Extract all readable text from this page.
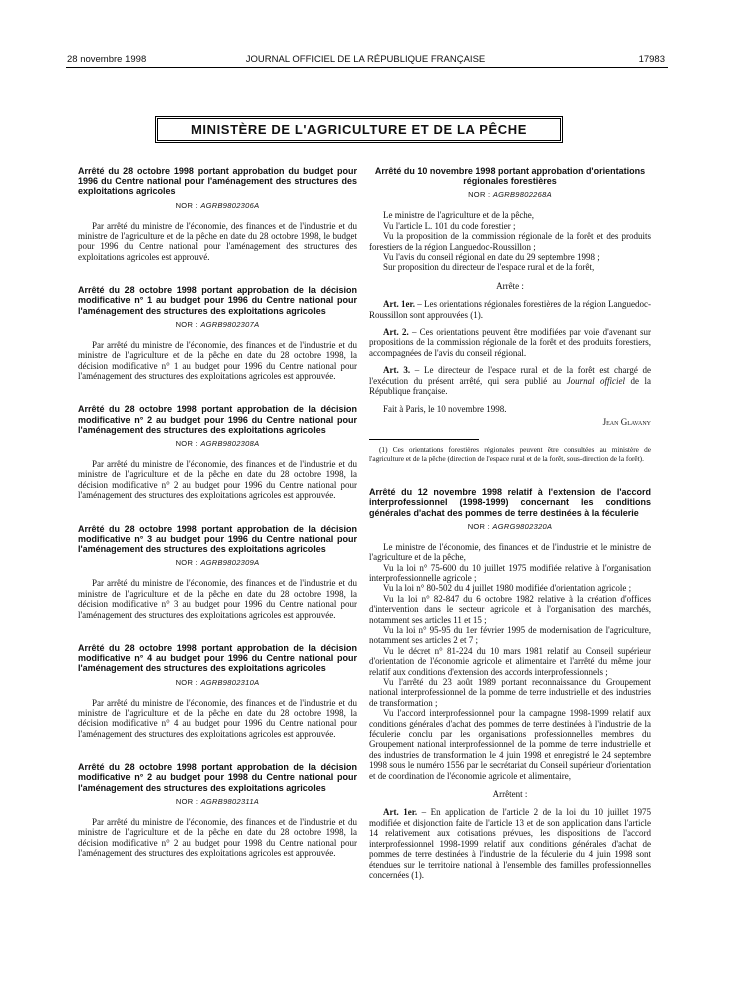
28 novembre 1998	JOURNAL OFFICIEL DE LA RÉPUBLIQUE FRANÇAISE	17983
MINISTÈRE DE L'AGRICULTURE ET DE LA PÊCHE

Arrêté du 28 octobre 1998 portant approbation du budget pour 1996 du Centre national pour l'aménagement des structures des exploitations agricoles

NOR : AGRB9802306A

Par arrêté du ministre de l'économie, des finances et de l'industrie et du ministre de l'agriculture et de la pêche en date du 28 octobre 1998, le budget pour 1996 du Centre national pour l'aménagement des structures des exploitations agricoles est approuvé.

Arrêté du 28 octobre 1998 portant approbation de la décision modificative n° 1 au budget pour 1996 du Centre national pour l'aménagement des structures des exploitations agricoles

NOR : AGRB9802307A

Par arrêté du ministre de l'économie, des finances et de l'industrie et du ministre de l'agriculture et de la pêche en date du 28 octobre 1998, la décision modificative n° 1 au budget pour 1996 du Centre national pour l'aménagement des structures des exploitations agricoles est approuvée.

Arrêté du 28 octobre 1998 portant approbation de la décision modificative n° 2 au budget pour 1996 du Centre national pour l'aménagement des structures des exploitations agricoles

NOR : AGRB9802308A

Par arrêté du ministre de l'économie, des finances et de l'industrie et du ministre de l'agriculture et de la pêche en date du 28 octobre 1998, la décision modificative n° 2 au budget pour 1996 du Centre national pour l'aménagement des structures des exploitations agricoles est approuvée.

Arrêté du 28 octobre 1998 portant approbation de la décision modificative n° 3 au budget pour 1996 du Centre national pour l'aménagement des structures des exploitations agricoles

NOR : AGRB9802309A

Par arrêté du ministre de l'économie, des finances et de l'industrie et du ministre de l'agriculture et de la pêche en date du 28 octobre 1998, la décision modificative n° 3 au budget pour 1996 du Centre national pour l'aménagement des structures des exploitations agricoles est approuvée.

Arrêté du 28 octobre 1998 portant approbation de la décision modificative n° 4 au budget pour 1996 du Centre national pour l'aménagement des structures des exploitations agricoles

NOR : AGRB9802310A

Par arrêté du ministre de l'économie, des finances et de l'industrie et du ministre de l'agriculture et de la pêche en date du 28 octobre 1998, la décision modificative n° 4 au budget pour 1996 du Centre national pour l'aménagement des structures des exploitations agricoles est approuvée.

Arrêté du 28 octobre 1998 portant approbation de la décision modificative n° 2 au budget pour 1998 du Centre national pour l'aménagement des structures des exploitations agricoles

NOR : AGRB9802311A

Par arrêté du ministre de l'économie, des finances et de l'industrie et du ministre de l'agriculture et de la pêche en date du 28 octobre 1998, la décision modificative n° 2 au budget pour 1998 du Centre national pour l'aménagement des structures des exploitations agricoles est approuvée.

Arrêté du 10 novembre 1998 portant approbation d'orientations régionales forestières

NOR : AGRB9802268A

Le ministre de l'agriculture et de la pêche,

Vu l'article L. 101 du code forestier ;

Vu la proposition de la commission régionale de la forêt et des produits forestiers de la région Languedoc-Roussillon ;

Vu l'avis du conseil régional en date du 29 septembre 1998 ;

Sur proposition du directeur de l'espace rural et de la forêt,

Arrête :

Art. 1er. – Les orientations régionales forestières de la région Languedoc-Roussillon sont approuvées (1).

Art. 2. – Ces orientations peuvent être modifiées par voie d'avenant sur propositions de la commission régionale de la forêt et des produits forestiers, accompagnées de l'avis du conseil régional.

Art. 3. – Le directeur de l'espace rural et de la forêt est chargé de l'exécution du présent arrêté, qui sera publié au Journal officiel de la République française.

Fait à Paris, le 10 novembre 1998.

Jean Glavany

(1) Ces orientations forestières régionales peuvent être consultées au ministère de l'agriculture et de la pêche (direction de l'espace rural et de la forêt, sous-direction de la forêt).

Arrêté du 12 novembre 1998 relatif à l'extension de l'accord interprofessionnel (1998-1999) concernant les conditions générales d'achat des pommes de terre destinées à la féculerie

NOR : AGRG9802320A

Le ministre de l'économie, des finances et de l'industrie et le ministre de l'agriculture et de la pêche,

Vu la loi n° 75-600 du 10 juillet 1975 modifiée relative à l'organisation interprofessionnelle agricole ;

Vu la loi n° 80-502 du 4 juillet 1980 modifiée d'orientation agricole ;

Vu la loi n° 82-847 du 6 octobre 1982 relative à la création d'offices d'intervention dans le secteur agricole et à l'organisation des marchés, notamment ses articles 11 et 15 ;

Vu la loi n° 95-95 du 1er février 1995 de modernisation de l'agriculture, notamment ses articles 2 et 7 ;

Vu le décret n° 81-224 du 10 mars 1981 relatif au Conseil supérieur d'orientation de l'économie agricole et alimentaire et l'arrêté du même jour relatif aux conditions d'extension des accords interprofessionnels ;

Vu l'arrêté du 23 août 1989 portant reconnaissance du Groupement national interprofessionnel de la pomme de terre industrielle et des industries de transformation ;

Vu l'accord interprofessionnel pour la campagne 1998-1999 relatif aux conditions générales d'achat des pommes de terre destinées à l'industrie de la féculerie conclu par les organisations professionnelles membres du Groupement national interprofessionnel de la pomme de terre industrielle et des industries de transformation le 4 juin 1998 et enregistré le 24 septembre 1998 sous le numéro 1556 par le secrétariat du Conseil supérieur d'orientation et de coordination de l'économie agricole et alimentaire,

Arrêtent :

Art. 1er. – En application de l'article 2 de la loi du 10 juillet 1975 modifiée et disjonction faite de l'article 13 et de son application dans l'article 14 relativement aux cotisations prévues, les dispositions de l'accord interprofessionnel 1998-1999 relatif aux conditions générales d'achat de pommes de terre destinées à l'industrie de la féculerie du 4 juin 1998 sont étendues sur le territoire national à l'ensemble des familles professionnelles concernées (1).
